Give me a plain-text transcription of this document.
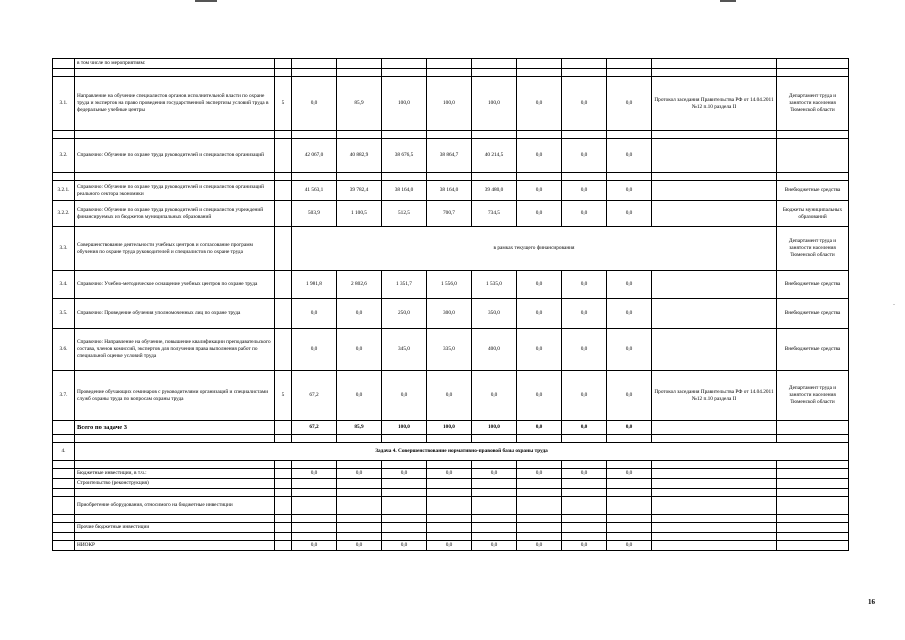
	в том числе по мероприятиям:											

3.1.	Направление на обучение специалистов органов исполнительной власти по охране труда и экспертов на право проведения государственной экспертизы условий труда в федеральные учебные центры	5	0,0	85,9	100,0	100,0	100,0	0,0	0,0	0,0	Протокол заседания Правительства РФ от 14.04.2011 №12 п.10 раздела II	Департамент труда и занятости населения Тюменской области

3.2.	Справочно: Обучение по охране труда руководителей и специалистов организаций		42 067,0	40 882,9	38 676,5	38 864,7	40 214,5	0,0	0,0	0,0		

3.2.1.	Справочно: Обучение по охране труда руководителей и специалистов организаций реального сектора экономики		41 563,1	39 782,4	38 164,0	38 164,0	39 480,0	0,0	0,0	0,0		Внебюджетные средства
3.2.2.	Справочно: Обучение по охране труда руководителей и специалистов учреждений финансируемых из бюджетов муниципальных образований		503,9	1 100,5	512,5	700,7	734,5	0,0	0,0	0,0		Бюджеты муниципальных образований
3.3.	Совершенствование деятельности учебных центров и согласование программ обучения по охране труда руководителей и специалистов по охране труда		в рамках текущего финансирования									Департамент труда и занятости населения Тюменской области
3.4.	Справочно: Учебно-методическое оснащение учебных центров по охране труда		1 981,8	2 802,6	1 351,7	1 556,0	1 535,0	0,0	0,0	0,0		Внебюджетные средства
3.5.	Справочно: Проведение обучения уполномоченных лиц по охране труда		0,0	0,0	250,0	300,0	350,0	0,0	0,0	0,0		Внебюджетные средства
3.6.	Справочно: Направление на обучение, повышение квалификации преподавательского состава, членов комиссий, экспертов для получения права выполнения работ по специальной оценке условий труда		0,0	0,0	345,0	335,0	400,0	0,0	0,0	0,0		Внебюджетные средства
3.7.	Проведение обучающих семинаров с руководителями организаций и специалистами служб охраны труда по вопросам охраны труда	5	67,2	0,0	0,0	0,0	0,0	0,0	0,0	0,0	Протокол заседания Правительства РФ от 14.04.2011 №12 п.10 раздела II	Департамент труда и занятости населения Тюменской области
	Всего по задаче 3		67,2	85,9	100,0	100,0	100,0	0,0	0,0	0,0		

4.	Задача 4. Совершенствование нормативно-правовой базы охраны труда											

	Бюджетные инвестиции, в т.ч.:		0,0	0,0	0,0	0,0	0,0	0,0	0,0	0,0		
	Строительство (реконструкция)											

	Приобретение оборудования, относимого на бюджетные инвестиции											

	Прочие бюджетные инвестиции											

	НИОКР		0,0	0,0	0,0	0,0	0,0	0,0	0,0	0,0		
-
16
